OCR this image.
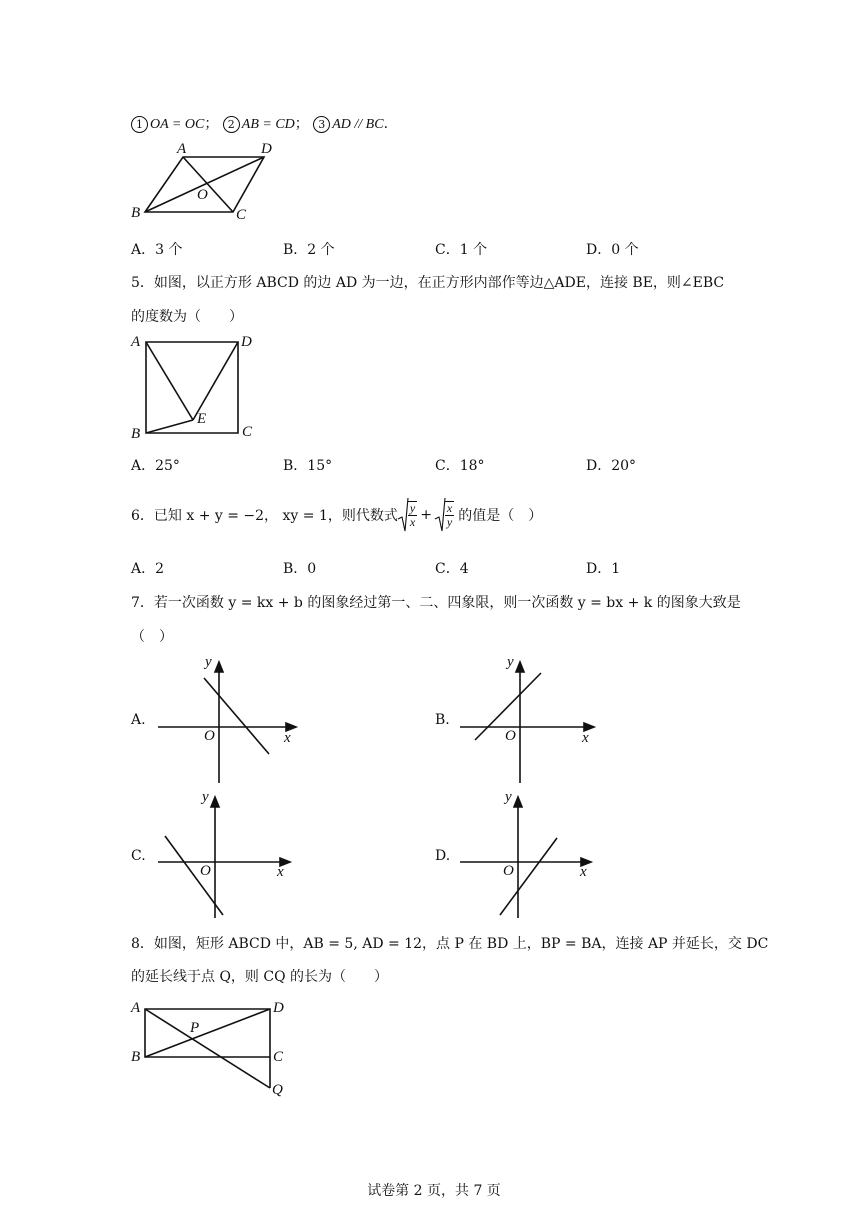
1 OA = OC； 2 AB = CD； 3 AD // BC.
A	D
O
B	C
A．3 个	B．2 个	C．1 个	D．0 个
5．如图，以正方形 ABCD 的边 AD 为一边，在正方形内部作等边△ADE，连接 BE，则∠EBC
的度数为（　　）
A	D
E
B	C
A．25°	B．15°	C．18°	D．20°
6．已知 x + y = −2， xy = 1，则代数式 $\frac{y}{x} + \frac{x}{y}$ 的值是（　）
A．2	B．0	C．4	D．1
7．若一次函数 y = kx + b 的图象经过第一、二、四象限，则一次函数 y = bx + k 的图象大致是
（　）
A.
y
O	x
B.
y
O	x
C.
y
O	x
D.
y
O	x
8．如图，矩形 ABCD 中，AB = 5, AD = 12，点 P 在 BD 上，BP = BA，连接 AP 并延长，交 DC
的延长线于点 Q，则 CQ 的长为（　　）
A	D
P
B	C
Q
试卷第 2 页，共 7 页
